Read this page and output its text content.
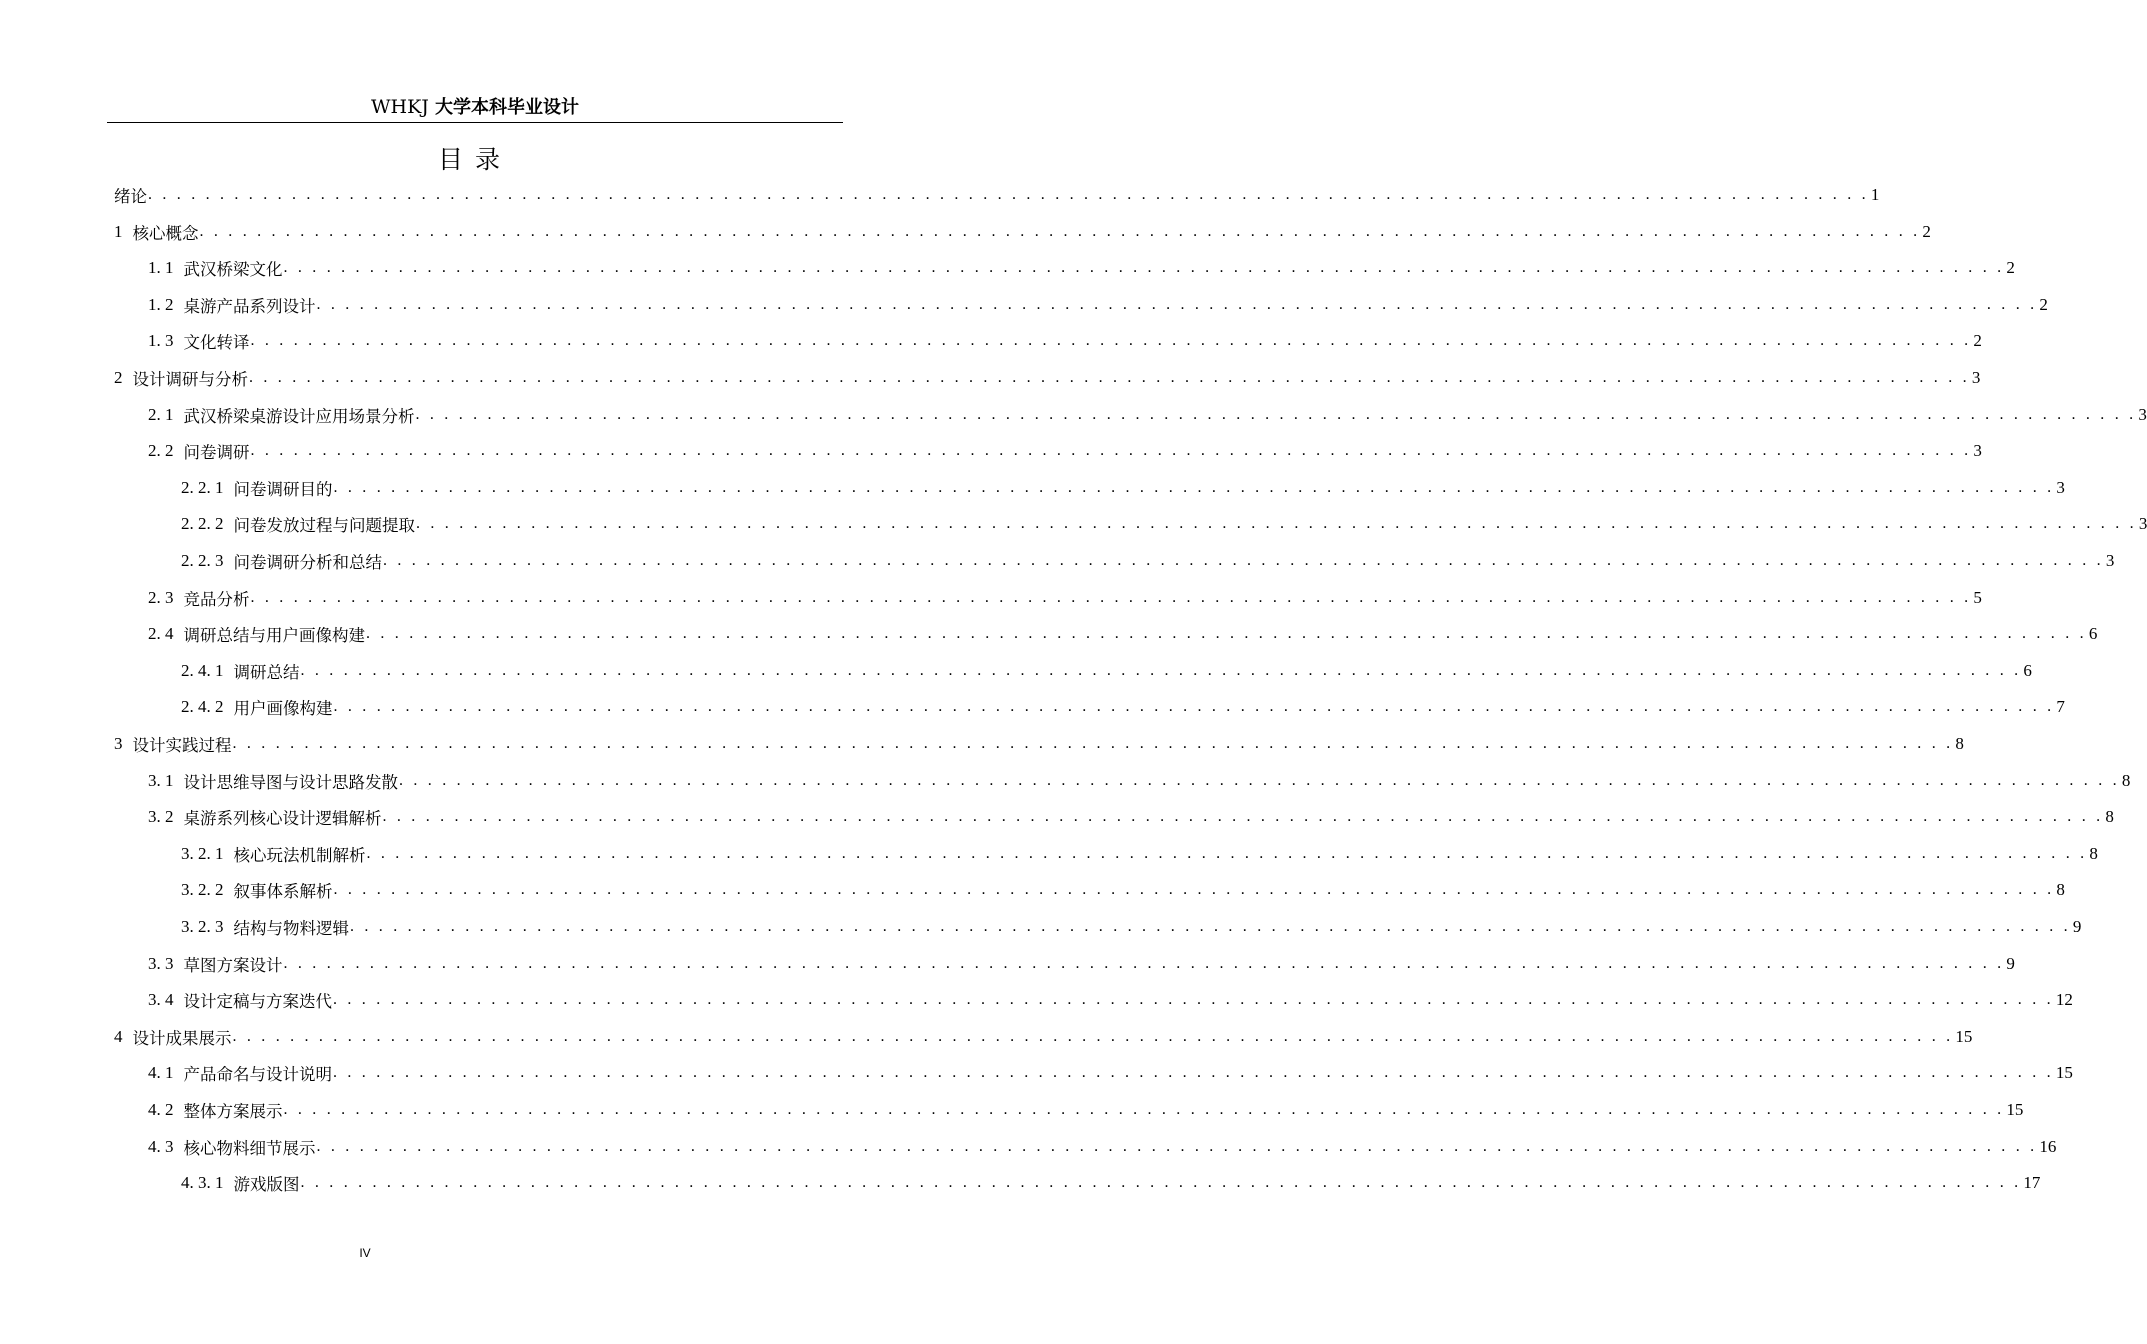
WHKJ 大学本科毕业设计
目录
绪论 . . . . . . . . . . . . . . . . . . . . . . . . . . . . . . . . . . . . . . . . . . . . . . . . . . . . . . . . . . . . . . . . . . . . . . . . . . . . . . . . . . . . . . . . . . . . . . . . . . . . . . . . . . . . . . . . . . . . . . . . 1
1 核心概念 . . . . . . . . . . . . . . . . . . . . . . . . . . . . . . . . . . . . . . . . . . . . . . . . . . . . . . . . . . . . . . . . . . . . . . . . . . . . . . . . . . . . . . . . . . . . . . . . . . . . . . . . . . . . . . . . . . . . . . . . 2
1. 1 武汉桥梁文化 . . . . . . . . . . . . . . . . . . . . . . . . . . . . . . . . . . . . . . . . . . . . . . . . . . . . . . . . . . . . . . . . . . . . . . . . . . . . . . . . . . . . . . . . . . . . . . . . . . . . . . . . . . . . . . . . . . . . . . . . 2
1. 2 桌游产品系列设计 . . . . . . . . . . . . . . . . . . . . . . . . . . . . . . . . . . . . . . . . . . . . . . . . . . . . . . . . . . . . . . . . . . . . . . . . . . . . . . . . . . . . . . . . . . . . . . . . . . . . . . . . . . . . . . . . . . . . . . . . 2
1. 3 文化转译 . . . . . . . . . . . . . . . . . . . . . . . . . . . . . . . . . . . . . . . . . . . . . . . . . . . . . . . . . . . . . . . . . . . . . . . . . . . . . . . . . . . . . . . . . . . . . . . . . . . . . . . . . . . . . . . . . . . . . . . . 2
2 设计调研与分析 . . . . . . . . . . . . . . . . . . . . . . . . . . . . . . . . . . . . . . . . . . . . . . . . . . . . . . . . . . . . . . . . . . . . . . . . . . . . . . . . . . . . . . . . . . . . . . . . . . . . . . . . . . . . . . . . . . . . . . . . 3
2. 1 武汉桥梁桌游设计应用场景分析 . . . . . . . . . . . . . . . . . . . . . . . . . . . . . . . . . . . . . . . . . . . . . . . . . . . . . . . . . . . . . . . . . . . . . . . . . . . . . . . . . . . . . . . . . . . . . . . . . . . . . . . . . . . . . . . . . . . . . . . . 3
2. 2 问卷调研 . . . . . . . . . . . . . . . . . . . . . . . . . . . . . . . . . . . . . . . . . . . . . . . . . . . . . . . . . . . . . . . . . . . . . . . . . . . . . . . . . . . . . . . . . . . . . . . . . . . . . . . . . . . . . . . . . . . . . . . . 3
2. 2. 1 问卷调研目的 . . . . . . . . . . . . . . . . . . . . . . . . . . . . . . . . . . . . . . . . . . . . . . . . . . . . . . . . . . . . . . . . . . . . . . . . . . . . . . . . . . . . . . . . . . . . . . . . . . . . . . . . . . . . . . . . . . . . . . . . 3
2. 2. 2 问卷发放过程与问题提取 . . . . . . . . . . . . . . . . . . . . . . . . . . . . . . . . . . . . . . . . . . . . . . . . . . . . . . . . . . . . . . . . . . . . . . . . . . . . . . . . . . . . . . . . . . . . . . . . . . . . . . . . . . . . . . . . . . . . . . . . 3
2. 2. 3 问卷调研分析和总结 . . . . . . . . . . . . . . . . . . . . . . . . . . . . . . . . . . . . . . . . . . . . . . . . . . . . . . . . . . . . . . . . . . . . . . . . . . . . . . . . . . . . . . . . . . . . . . . . . . . . . . . . . . . . . . . . . . . . . . . . 3
2. 3 竞品分析 . . . . . . . . . . . . . . . . . . . . . . . . . . . . . . . . . . . . . . . . . . . . . . . . . . . . . . . . . . . . . . . . . . . . . . . . . . . . . . . . . . . . . . . . . . . . . . . . . . . . . . . . . . . . . . . . . . . . . . . . 5
2. 4 调研总结与用户画像构建 . . . . . . . . . . . . . . . . . . . . . . . . . . . . . . . . . . . . . . . . . . . . . . . . . . . . . . . . . . . . . . . . . . . . . . . . . . . . . . . . . . . . . . . . . . . . . . . . . . . . . . . . . . . . . . . . . . . . . . . . 6
2. 4. 1 调研总结 . . . . . . . . . . . . . . . . . . . . . . . . . . . . . . . . . . . . . . . . . . . . . . . . . . . . . . . . . . . . . . . . . . . . . . . . . . . . . . . . . . . . . . . . . . . . . . . . . . . . . . . . . . . . . . . . . . . . . . . . 6
2. 4. 2 用户画像构建 . . . . . . . . . . . . . . . . . . . . . . . . . . . . . . . . . . . . . . . . . . . . . . . . . . . . . . . . . . . . . . . . . . . . . . . . . . . . . . . . . . . . . . . . . . . . . . . . . . . . . . . . . . . . . . . . . . . . . . . . 7
3 设计实践过程 . . . . . . . . . . . . . . . . . . . . . . . . . . . . . . . . . . . . . . . . . . . . . . . . . . . . . . . . . . . . . . . . . . . . . . . . . . . . . . . . . . . . . . . . . . . . . . . . . . . . . . . . . . . . . . . . . . . . . . . . 8
3. 1 设计思维导图与设计思路发散 . . . . . . . . . . . . . . . . . . . . . . . . . . . . . . . . . . . . . . . . . . . . . . . . . . . . . . . . . . . . . . . . . . . . . . . . . . . . . . . . . . . . . . . . . . . . . . . . . . . . . . . . . . . . . . . . . . . . . . . . 8
3. 2 桌游系列核心设计逻辑解析 . . . . . . . . . . . . . . . . . . . . . . . . . . . . . . . . . . . . . . . . . . . . . . . . . . . . . . . . . . . . . . . . . . . . . . . . . . . . . . . . . . . . . . . . . . . . . . . . . . . . . . . . . . . . . . . . . . . . . . . . 8
3. 2. 1 核心玩法机制解析 . . . . . . . . . . . . . . . . . . . . . . . . . . . . . . . . . . . . . . . . . . . . . . . . . . . . . . . . . . . . . . . . . . . . . . . . . . . . . . . . . . . . . . . . . . . . . . . . . . . . . . . . . . . . . . . . . . . . . . . . 8
3. 2. 2 叙事体系解析 . . . . . . . . . . . . . . . . . . . . . . . . . . . . . . . . . . . . . . . . . . . . . . . . . . . . . . . . . . . . . . . . . . . . . . . . . . . . . . . . . . . . . . . . . . . . . . . . . . . . . . . . . . . . . . . . . . . . . . . . 8
3. 2. 3 结构与物料逻辑 . . . . . . . . . . . . . . . . . . . . . . . . . . . . . . . . . . . . . . . . . . . . . . . . . . . . . . . . . . . . . . . . . . . . . . . . . . . . . . . . . . . . . . . . . . . . . . . . . . . . . . . . . . . . . . . . . . . . . . . . 9
3. 3 草图方案设计 . . . . . . . . . . . . . . . . . . . . . . . . . . . . . . . . . . . . . . . . . . . . . . . . . . . . . . . . . . . . . . . . . . . . . . . . . . . . . . . . . . . . . . . . . . . . . . . . . . . . . . . . . . . . . . . . . . . . . . . . 9
3. 4 设计定稿与方案迭代 . . . . . . . . . . . . . . . . . . . . . . . . . . . . . . . . . . . . . . . . . . . . . . . . . . . . . . . . . . . . . . . . . . . . . . . . . . . . . . . . . . . . . . . . . . . . . . . . . . . . . . . . . . . . . . . . . . . . . . . . 12
4 设计成果展示 . . . . . . . . . . . . . . . . . . . . . . . . . . . . . . . . . . . . . . . . . . . . . . . . . . . . . . . . . . . . . . . . . . . . . . . . . . . . . . . . . . . . . . . . . . . . . . . . . . . . . . . . . . . . . . . . . . . . . . . . 15
4. 1 产品命名与设计说明 . . . . . . . . . . . . . . . . . . . . . . . . . . . . . . . . . . . . . . . . . . . . . . . . . . . . . . . . . . . . . . . . . . . . . . . . . . . . . . . . . . . . . . . . . . . . . . . . . . . . . . . . . . . . . . . . . . . . . . . . 15
4. 2 整体方案展示 . . . . . . . . . . . . . . . . . . . . . . . . . . . . . . . . . . . . . . . . . . . . . . . . . . . . . . . . . . . . . . . . . . . . . . . . . . . . . . . . . . . . . . . . . . . . . . . . . . . . . . . . . . . . . . . . . . . . . . . . 15
4. 3 核心物料细节展示 . . . . . . . . . . . . . . . . . . . . . . . . . . . . . . . . . . . . . . . . . . . . . . . . . . . . . . . . . . . . . . . . . . . . . . . . . . . . . . . . . . . . . . . . . . . . . . . . . . . . . . . . . . . . . . . . . . . . . . . . 16
4. 3. 1 游戏版图 . . . . . . . . . . . . . . . . . . . . . . . . . . . . . . . . . . . . . . . . . . . . . . . . . . . . . . . . . . . . . . . . . . . . . . . . . . . . . . . . . . . . . . . . . . . . . . . . . . . . . . . . . . . . . . . . . . . . . . . . 17
IV
